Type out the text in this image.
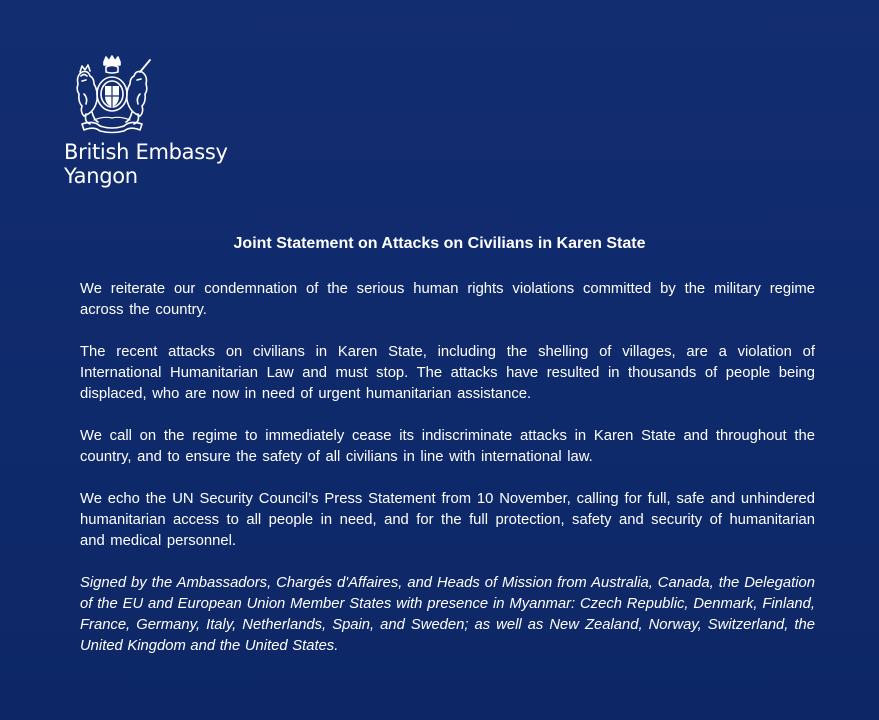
British Embassy
Yangon
Joint Statement on Attacks on Civilians in Karen State

We reiterate our condemnation of the serious human rights violations committed by the military regime across the country.

The recent attacks on civilians in Karen State, including the shelling of villages, are a violation of International Humanitarian Law and must stop. The attacks have resulted in thousands of people being displaced, who are now in need of urgent humanitarian assistance.

We call on the regime to immediately cease its indiscriminate attacks in Karen State and throughout the country, and to ensure the safety of all civilians in line with international law.

We echo the UN Security Council’s Press Statement from 10 November, calling for full, safe and unhindered humanitarian access to all people in need, and for the full protection, safety and security of humanitarian and medical personnel.

Signed by the Ambassadors, Chargés d'Affaires, and Heads of Mission from Australia, Canada, the Delegation of the EU and European Union Member States with presence in Myanmar: Czech Republic, Denmark, Finland, France, Germany, Italy, Netherlands, Spain, and Sweden; as well as New Zealand, Norway, Switzerland, the United Kingdom and the United States.
